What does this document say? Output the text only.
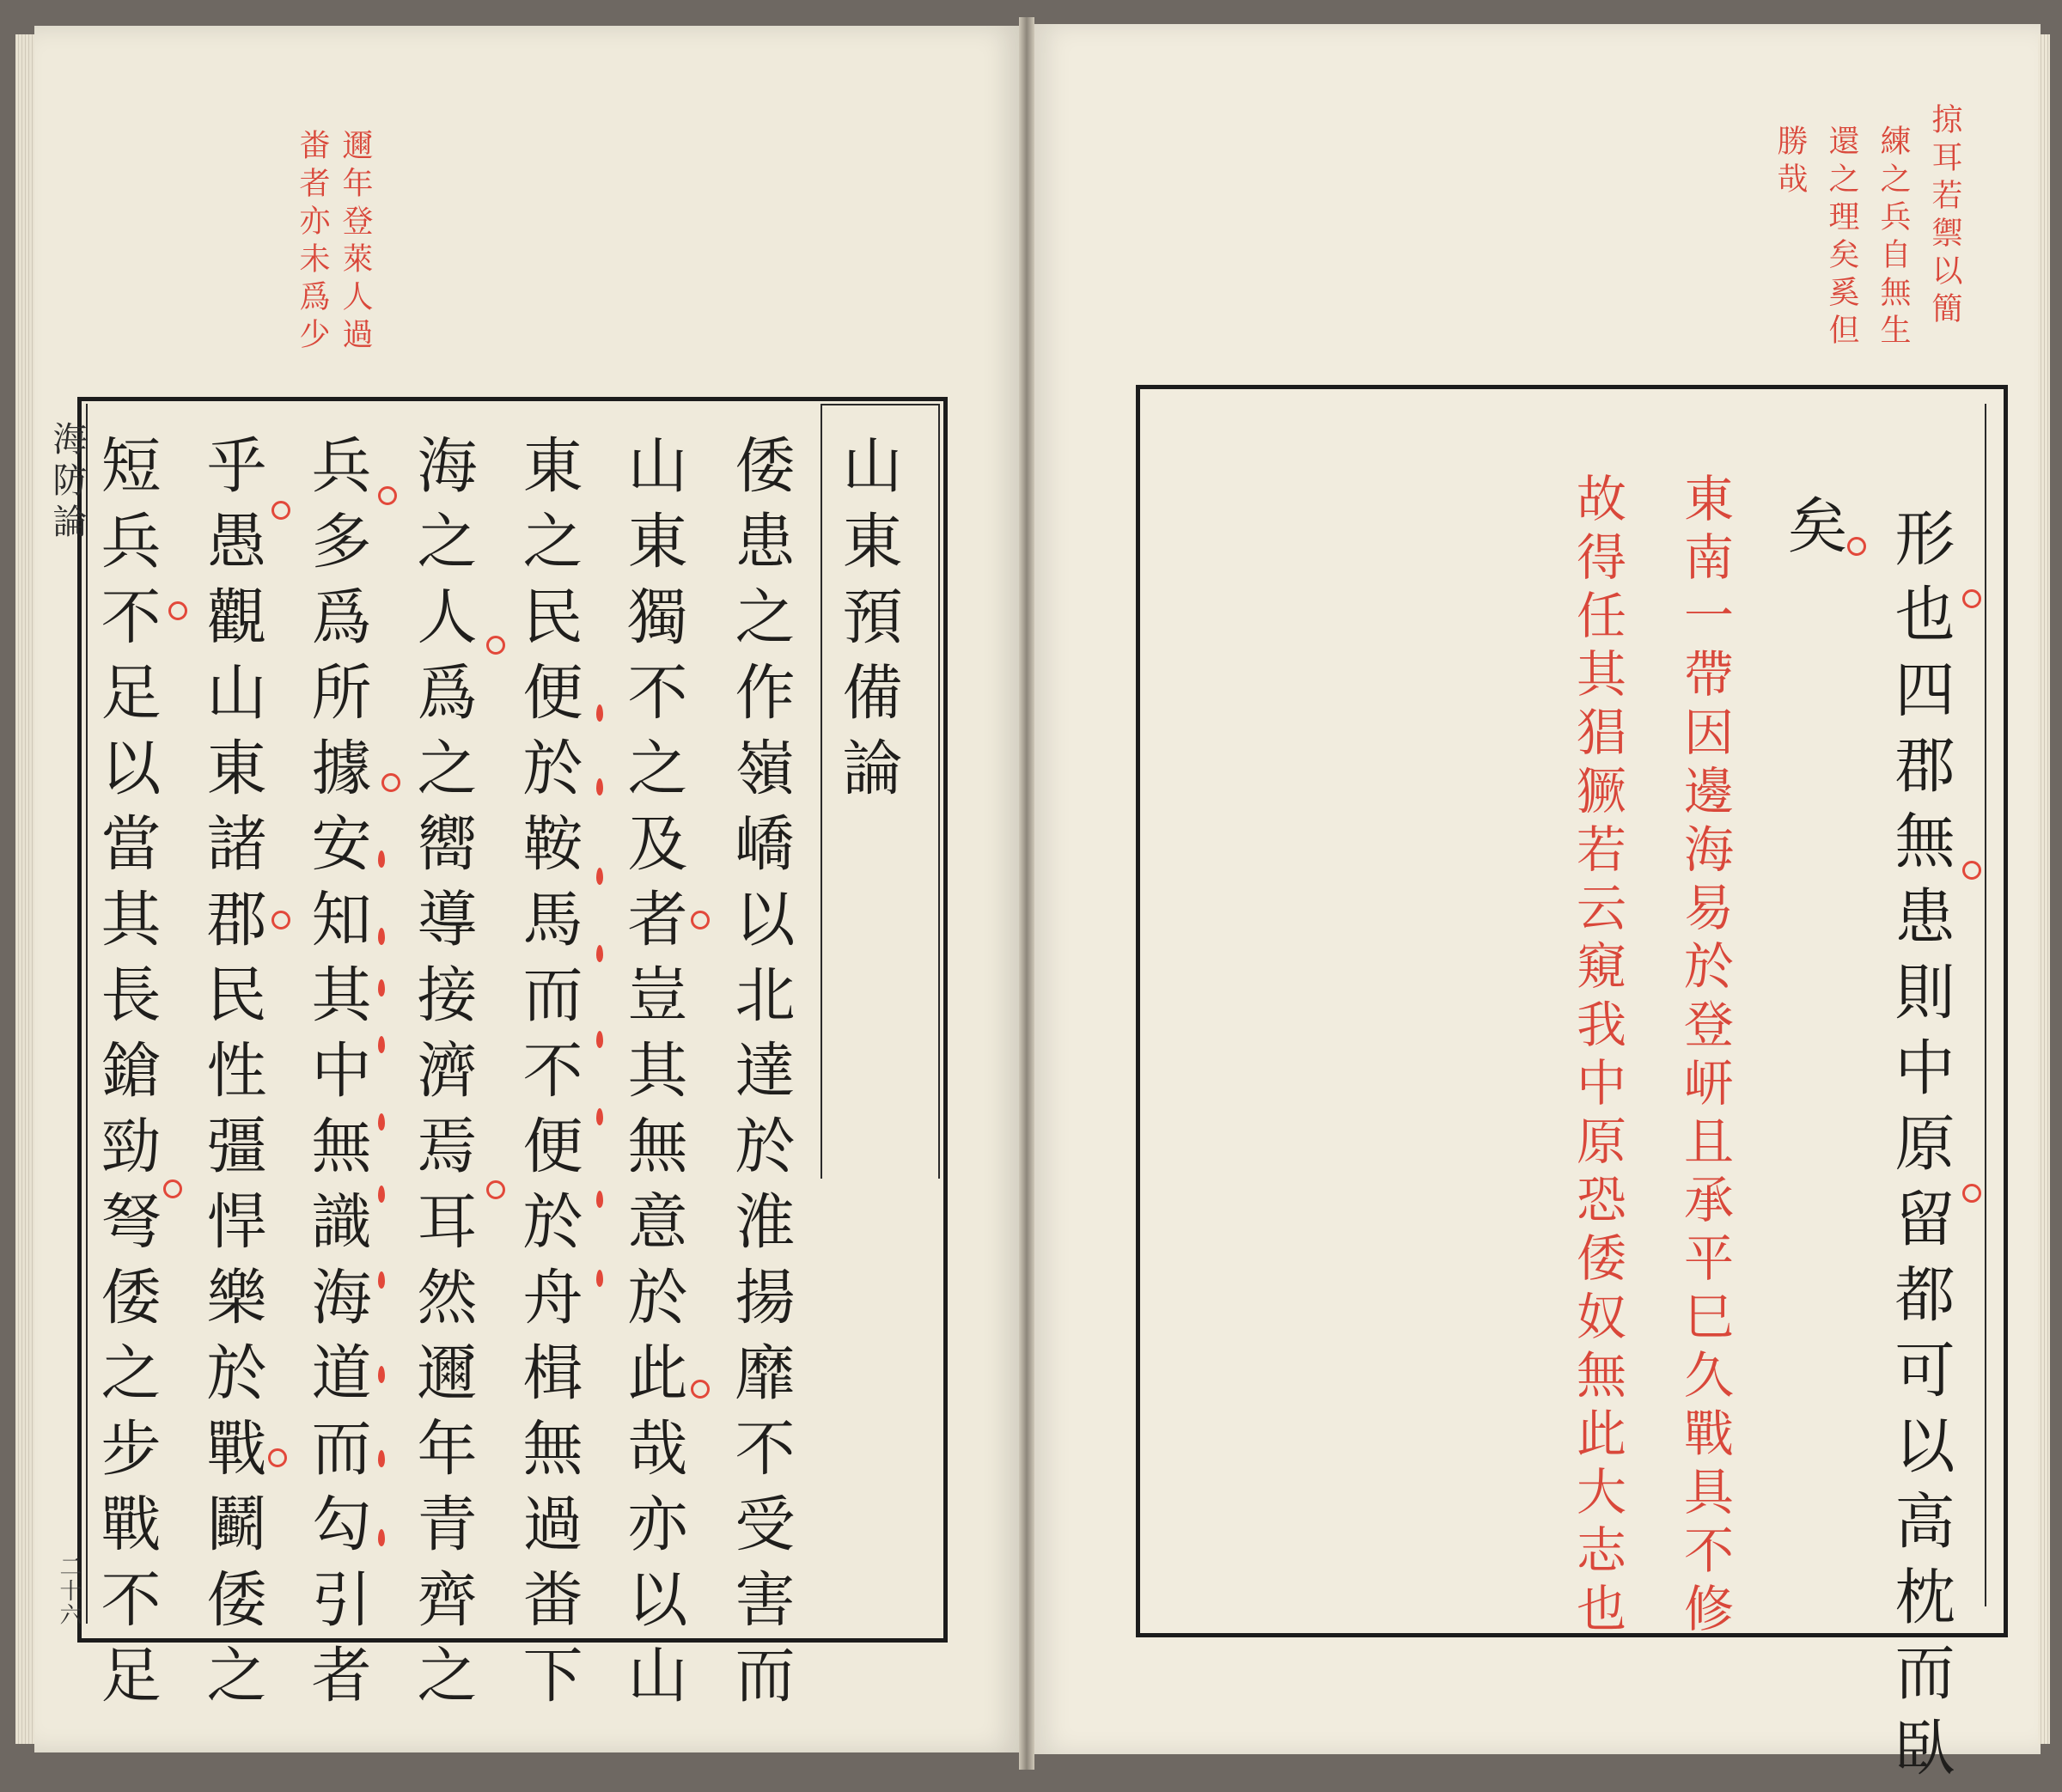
海防論
二十六
邇年登萊人過
畨者亦未爲少
山東預備論
倭患之作嶺嶠以北達於淮揚靡不受害而
山東獨不之及者豈其無意於此哉亦以山
東之民便於鞍馬而不便於舟楫無過畨下
海之人爲之嚮導接濟焉耳然邇年青齊之
兵多爲所據安知其中無識海道而勾引者
乎愚觀山東諸郡民性彊悍樂於戰鬬倭之
短兵不足以當其長鎗勁弩倭之步戰不足
掠耳若禦以簡
練之兵自無生
還之理矣奚但
勝哉
形也四郡無患則中原留都可以高枕而臥
矣
東南一帶因邊海易於登岍且承平巳久戰具不修
故得任其猖獗若云窺我中原恐倭奴無此大志也
